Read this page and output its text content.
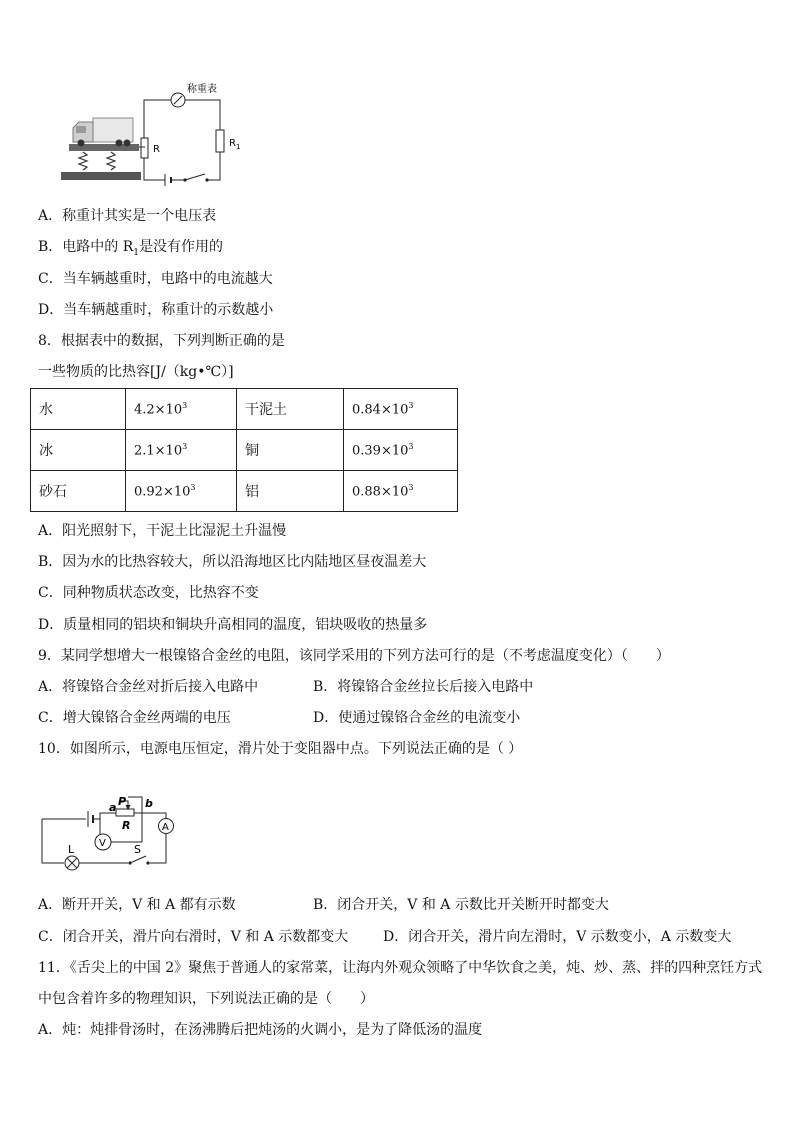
R
称重表
$R_1$
A．称重计其实是一个电压表
B．电路中的 $R_1$是没有作用的
C．当车辆越重时，电路中的电流越大
D．当车辆越重时，称重计的示数越小
8．根据表中的数据，下列判断正确的是
一些物质的比热容[J/（kg•℃）]
水	$4.2\times 10^3$	干泥土	$0.84\times 10^3$
冰	$2.1\times 10^3$	铜	$0.39\times 10^3$
砂石	$0.92\times 10^3$	铝	$0.88\times 10^3$
A．阳光照射下，干泥土比湿泥土升温慢
B．因为水的比热容较大，所以沿海地区比内陆地区昼夜温差大
C．同种物质状态改变，比热容不变
D．质量相同的铝块和铜块升高相同的温度，铝块吸收的热量多
9．某同学想增大一根镍铬合金丝的电阻，该同学采用的下列方法可行的是（不考虑温度变化）（　　）
A．将镍铬合金丝对折后接入电路中	B．将镍铬合金丝拉长后接入电路中
C．增大镍铬合金丝两端的电压	D．使通过镍铬合金丝的电流变小
10．如图所示，电源电压恒定，滑片处于变阻器中点。下列说法正确的是（ ）
a P b
R	A
V
L	S
A．断开开关，V 和 A 都有示数	B．闭合开关，V 和 A 示数比开关断开时都变大
C．闭合开关，滑片向右滑时，V 和 A 示数都变大 D．闭合开关，滑片向左滑时，V 示数变小，A 示数变大
11．《舌尖上的中国 2》聚焦于普通人的家常菜，让海内外观众领略了中华饮食之美，炖、炒、蒸、拌的四种烹饪方式
中包含着许多的物理知识，下列说法正确的是（　　）
A．炖：炖排骨汤时，在汤沸腾后把炖汤的火调小，是为了降低汤的温度
